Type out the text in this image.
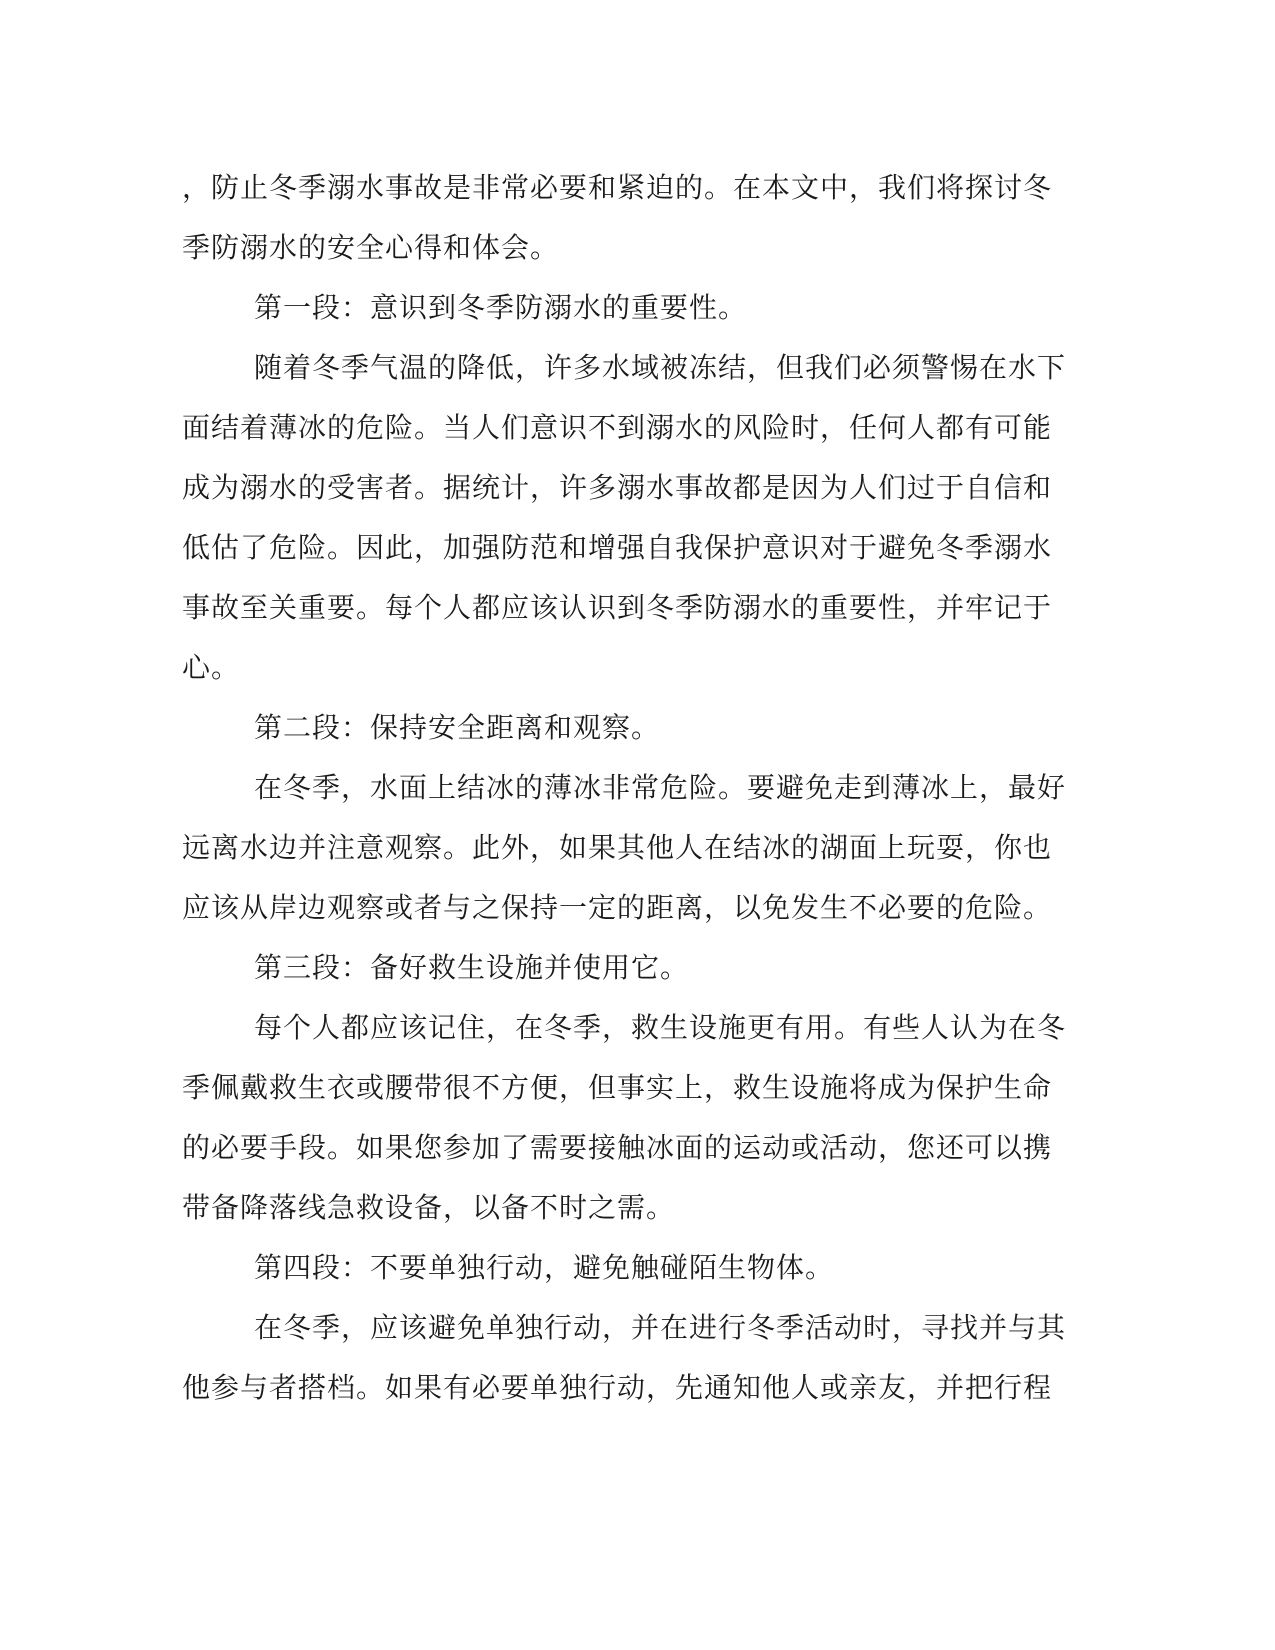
，防止冬季溺水事故是非常必要和紧迫的。在本文中，我们将探讨冬
季防溺水的安全心得和体会。
第一段：意识到冬季防溺水的重要性。
随着冬季气温的降低，许多水域被冻结，但我们必须警惕在水下
面结着薄冰的危险。当人们意识不到溺水的风险时，任何人都有可能
成为溺水的受害者。据统计，许多溺水事故都是因为人们过于自信和
低估了危险。因此，加强防范和增强自我保护意识对于避免冬季溺水
事故至关重要。每个人都应该认识到冬季防溺水的重要性，并牢记于
心。
第二段：保持安全距离和观察。
在冬季，水面上结冰的薄冰非常危险。要避免走到薄冰上，最好
远离水边并注意观察。此外，如果其他人在结冰的湖面上玩耍，你也
应该从岸边观察或者与之保持一定的距离，以免发生不必要的危险。
第三段：备好救生设施并使用它。
每个人都应该记住，在冬季，救生设施更有用。有些人认为在冬
季佩戴救生衣或腰带很不方便，但事实上，救生设施将成为保护生命
的必要手段。如果您参加了需要接触冰面的运动或活动，您还可以携
带备降落线急救设备，以备不时之需。
第四段：不要单独行动，避免触碰陌生物体。
在冬季，应该避免单独行动，并在进行冬季活动时，寻找并与其
他参与者搭档。如果有必要单独行动，先通知他人或亲友，并把行程
